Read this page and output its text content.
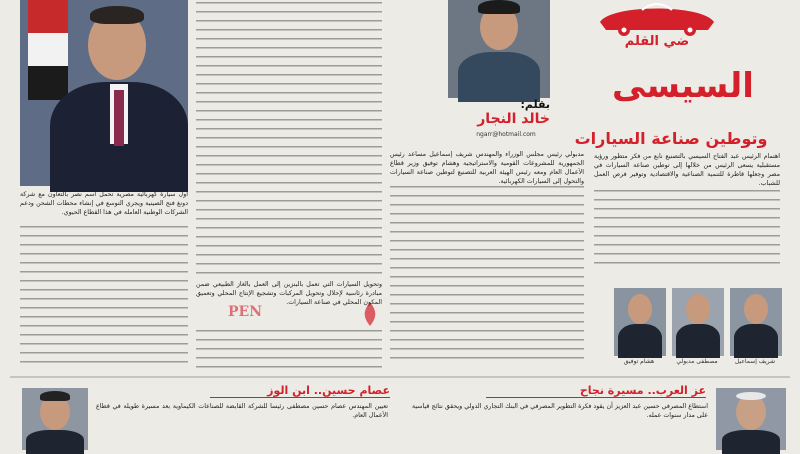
ضي القلم
السيسى
وتوطين صناعة السيارات
بقلم:
خالد النجار
ngarr@hotmail.com
اهتمام الرئيس عبد الفتاح السيسي بالتصنيع نابع من فكر متطور ورؤية مستقبلية يسعى الرئيس من خلالها إلى توطين صناعة السيارات في مصر وجعلها قاطرة للتنمية الصناعية والاقتصادية وتوفير فرص العمل للشباب.
مدبولي رئيس مجلس الوزراء والمهندس شريف إسماعيل مساعد رئيس الجمهورية للمشروعات القومية والاستراتيجية وهشام توفيق وزير قطاع الأعمال العام ومعه رئيس الهيئة العربية للتصنيع لتوطين صناعة السيارات والتحول إلى السيارات الكهربائية.
PEN
وتحويل السيارات التي تعمل بالبنزين إلى العمل بالغاز الطبيعي ضمن مبادرة رئاسية لإحلال وتحويل المركبات وتشجيع الإنتاج المحلي وتعميق المكون المحلي في صناعة السيارات.
أول سيارة كهربائية مصرية تحمل اسم نصر بالتعاون مع شركة دونغ فنج الصينية ويجري التوسع في إنشاء محطات الشحن ودعم الشركات الوطنية العاملة في هذا القطاع الحيوي.
شريف إسماعيل
مصطفى مدبولي
هشام توفيق
عز العرب.. مسيرة نجاح
استطاع المصرفي حسين عبد العزيز أن يقود فكرة التطوير المصرفي في البنك التجاري الدولي ويحقق نتائج قياسية على مدار سنوات عمله.
عصام حسين.. ابن الوز
تعيين المهندس عصام حسين مصطفى رئيسا للشركة القابضة للصناعات الكيماوية بعد مسيرة طويلة في قطاع الأعمال العام.
